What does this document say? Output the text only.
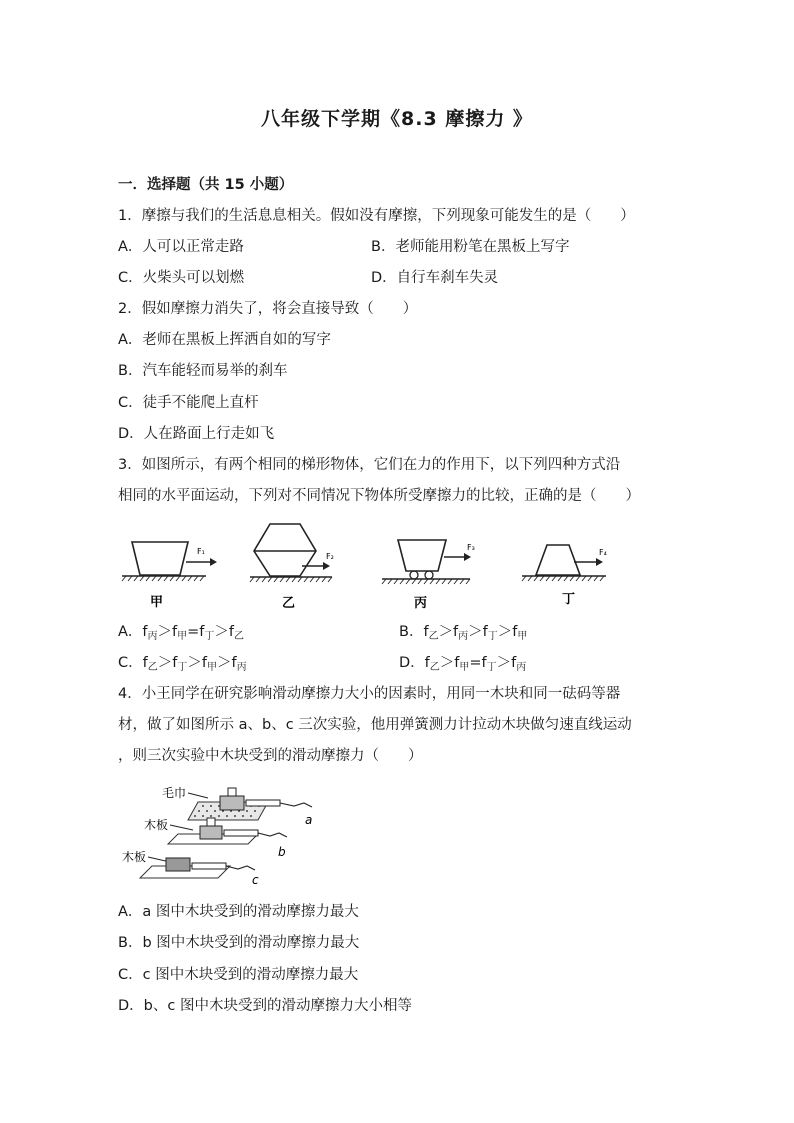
八年级下学期《8.3 摩擦力 》
一．选择题（共 15 小题）
1．摩擦与我们的生活息息相关。假如没有摩擦，下列现象可能发生的是（　　）
A．人可以正常走路	B．老师能用粉笔在黑板上写字
C．火柴头可以划燃	D．自行车刹车失灵
2．假如摩擦力消失了，将会直接导致（　　）
A．老师在黑板上挥洒自如的写字
B．汽车能轻而易举的刹车
C．徒手不能爬上直杆
D．人在路面上行走如飞
3．如图所示，有两个相同的梯形物体，它们在力的作用下，以下列四种方式沿
相同的水平面运动，下列对不同情况下物体所受摩擦力的比较，正确的是（　　）
F₁
甲
F₂
乙
F₃
丙
F₄
丁
A．$f_丙>f_甲=f_丁>f_乙$	B．$f_乙>f_丙>f_丁>f_甲$
C．$f_乙>f_丁>f_甲>f_丙$	D．$f_乙>f_甲=f_丁>f_丙$
4．小王同学在研究影响滑动摩擦力大小的因素时，用同一木块和同一砝码等器
材，做了如图所示 a、b、c 三次实验，他用弹簧测力计拉动木块做匀速直线运动
，则三次实验中木块受到的滑动摩擦力（　　）
毛巾
a
木板
b
木板
c
A．a 图中木块受到的滑动摩擦力最大
B．b 图中木块受到的滑动摩擦力最大
C．c 图中木块受到的滑动摩擦力最大
D．b、c 图中木块受到的滑动摩擦力大小相等
